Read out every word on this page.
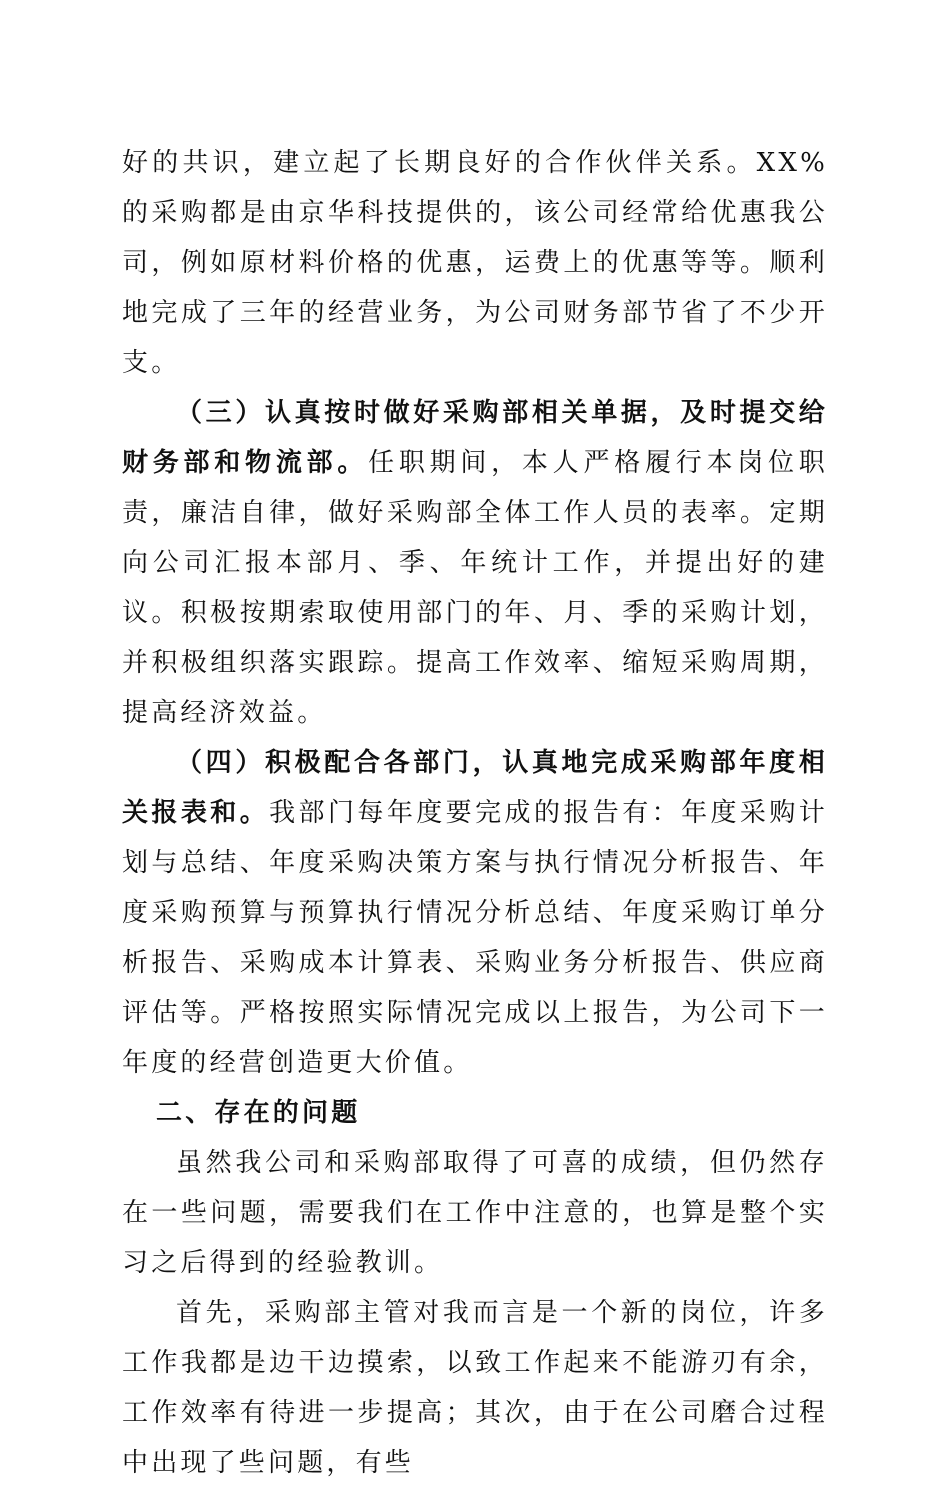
好的共识，建立起了长期良好的合作伙伴关系。XX%的采购都是由京华科技提供的，该公司经常给优惠我公司，例如原材料价格的优惠，运费上的优惠等等。顺利地完成了三年的经营业务，为公司财务部节省了不少开支。

（三）认真按时做好采购部相关单据，及时提交给财务部和物流部。任职期间，本人严格履行本岗位职责，廉洁自律，做好采购部全体工作人员的表率。定期向公司汇报本部月、季、年统计工作，并提出好的建议。积极按期索取使用部门的年、月、季的采购计划，并积极组织落实跟踪。提高工作效率、缩短采购周期，提高经济效益。

（四）积极配合各部门，认真地完成采购部年度相关报表和。我部门每年度要完成的报告有：年度采购计划与总结、年度采购决策方案与执行情况分析报告、年度采购预算与预算执行情况分析总结、年度采购订单分析报告、采购成本计算表、采购业务分析报告、供应商评估等。严格按照实际情况完成以上报告，为公司下一年度的经营创造更大价值。

二、存在的问题

虽然我公司和采购部取得了可喜的成绩，但仍然存在一些问题，需要我们在工作中注意的，也算是整个实习之后得到的经验教训。

首先，采购部主管对我而言是一个新的岗位，许多工作我都是边干边摸索，以致工作起来不能游刃有余，工作效率有待进一步提高；其次，由于在公司磨合过程中出现了些问题，有些
